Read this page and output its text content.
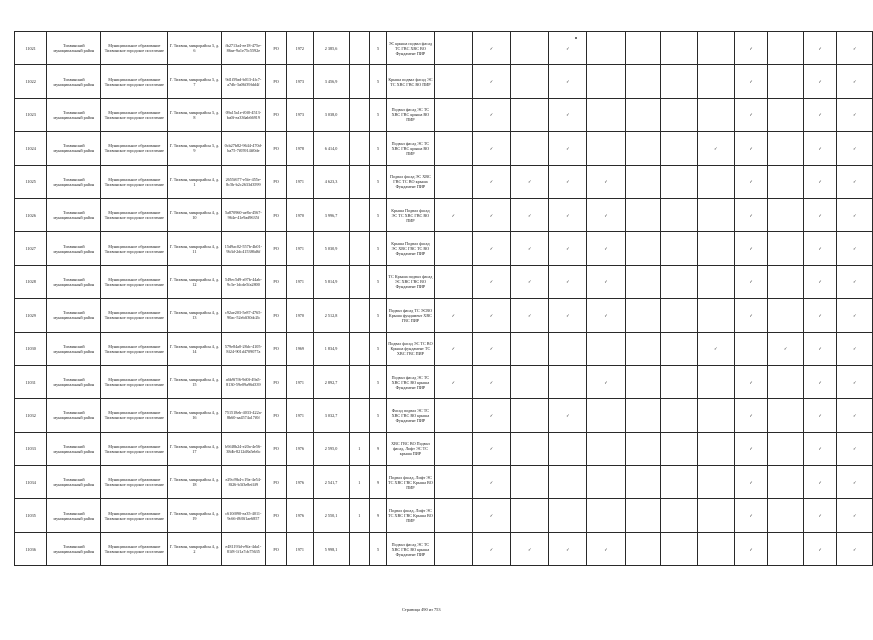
11021	Тихвинский муниципальный район	Муниципальное образование Тихвинское городское поселение	Г. Тихвин, микрорайон 3, д. 6	fb2713a4-ee18-475e-86ae-9a1e75c5592e	РО	1972	2 385,6		5	ЭС крыша подвал фасад ТС ГВС ХВС ВО Фундамент ПИР		✓		✓					✓		✓	✓
11022	Тихвинский муниципальный район	Муниципальное образование Тихвинское городское поселение	Г. Тихвин, микрорайон 3, д. 7	9d1f59ad-b013-4fc7-a7db-3a06f39fdd4f	РО	1973	3 456,9		5	Крыша подвал фасад ЭС ТС ХВС ГВС ВО ПИР		✓		✓					✓		✓	✓
11023	Тихвинский муниципальный район	Муниципальное образование Тихвинское городское поселение	Г. Тихвин, микрорайон 3, д. 8	09a15a1e-f0f0-4513-ba0f-ea336ab66919	РО	1973	3 038,0		5	Подвал фасад ЭС ТС ХВС ГВС крыша ВО ПИР		✓		✓					✓		✓	✓
11024	Тихвинский муниципальный район	Муниципальное образование Тихвинское городское поселение	Г. Тихвин, микрорайон 3, д. 9	0cb27b82-9644-470d-ba75-7f05914ff0de	РО	1978	6 414,0		5	Подвал фасад ЭС ТС ХВС ГВС крыша ВО ПИР		✓		✓				✓	✓		✓	✓
11025	Тихвинский муниципальный район	Муниципальное образование Тихвинское городское поселение	Г. Тихвин, микрорайон 4, д. 1	2655f677-e5fe-455e-8c5b-b2c2633d3599	РО	1971	4 623,3		5	Подвал фасад ЭС ХВС ГВС ТС ВО крыша Фундамент ПИР		✓	✓	✓	✓				✓		✓	✓
11026	Тихвинский муниципальный район	Муниципальное образование Тихвинское городское поселение	Г. Тихвин, микрорайон 4, д. 10	5a870960-ae8a-4567-964e-41e9ad9635f	РО	1970	3 996,7		5	Крыша Подвал фасад ЭС ТС ХВС ГВС ВО ПИР	✓	✓	✓	✓	✓				✓		✓	✓
11027	Тихвинский муниципальный район	Муниципальное образование Тихвинское городское поселение	Г. Тихвин, микрорайон 4, д. 11	15d9ac02-557b-4b01-9b3d-2dc415386d6f	РО	1971	5 030,9		5	Крыша Подвал фасад ЭС ХВС ГВС ТС ВО Фундамент ПИР		✓	✓	✓	✓				✓		✓	✓
11028	Тихвинский муниципальный район	Муниципальное образование Тихвинское городское поселение	Г. Тихвин, микрорайон 4, д. 12	549ec5d9-a97b-44ab-9c3e-1dcde5fa2800	РО	1971	5 814,9		5	ТС Крыша подвал фасад ЭС ХВС ГВС ВО Фундамент ПИР		✓	✓	✓	✓				✓		✓	✓
11029	Тихвинский муниципальный район	Муниципальное образование Тихвинское городское поселение	Г. Тихвин, микрорайон 4, д. 13	c92ae203-5e87-4765-90ac-52ebff30dc2b	РО	1970	2 512,8		5	Подвал фасад ТС ЭСВО Крыша фундамент ХВС ГВС ПИР	✓	✓	✓	✓	✓				✓		✓	✓
11030	Тихвинский муниципальный район	Муниципальное образование Тихвинское городское поселение	Г. Тихвин, микрорайон 4, д. 14	579e84a0-28dc-4105-8f24-901d4709077a	РО	1969	1 834,9		5	Подвал фасад ЭС ТС ВО Крыша фундамент ТС ХВС ГВС ПИР	✓	✓						✓		✓	✓	✓
11031	Тихвинский муниципальный район	Муниципальное образование Тихвинское городское поселение	Г. Тихвин, микрорайон 4, д. 15	a6b9f7f6-9d0f-49a5-8130-59e09a96d339	РО	1971	2 892,7		5	Подвал фасад ЭС ТС ХВС ГВС ВО крыша Фундамент ПИР	✓	✓			✓				✓		✓	✓
11032	Тихвинский муниципальный район	Муниципальное образование Тихвинское городское поселение	Г. Тихвин, микрорайон 4, д. 16	751518eb-4033-422a-8b60-aa4574a17f0f	РО	1971	3 032,7		5	Фасад подвал ЭС ТС ХВС ГВС ВО крыша Фундамент ПИР		✓		✓					✓		✓	✓
11033	Тихвинский муниципальный район	Муниципальное образование Тихвинское городское поселение	Г. Тихвин, микрорайон 4, д. 17	b9f48b24-e20a-4e56-38db-8212d8a5eb6c	РО	1976	2 595,0	1	9	ХВС ГВС ВО Подвал фасад, Лифт ЭС ТС крыша ПИР		✓							✓		✓	✓
11034	Тихвинский муниципальный район	Муниципальное образование Тихвинское городское поселение	Г. Тихвин, микрорайон 4, д. 18	e29cf9b4-c19a-4e54-8f26-b3f3e8ef4f9	РО	1976	2 541,7	1	9	Подвал фасад, Лифт ЭС ТС ХВС ГВС Крыша ВО ПИР		✓							✓		✓	✓
11035	Тихвинский муниципальный район	Муниципальное образование Тихвинское городское поселение	Г. Тихвин, микрорайон 4, д. 19	c610f090-ea35-4011-9c66-f8f0f1ae6857	РО	1976	2 550,1	1	9	Подвал фасад, Лифт ЭС ТС ХВС ГВС Крыша ВО ПИР		✓							✓		✓	✓
11036	Тихвинский муниципальный район	Муниципальное образование Тихвинское городское поселение	Г. Тихвин, микрорайон 4, д. 2	e481193d-e9fa-4da1-81f8-1f1a7cb75635	РО	1971	5 998,1		5	Подвал фасад ЭС ТС ХВС ГВС ВО крыша Фундамент ПИР		✓	✓	✓	✓				✓		✓	✓
Страница 490 из 753
